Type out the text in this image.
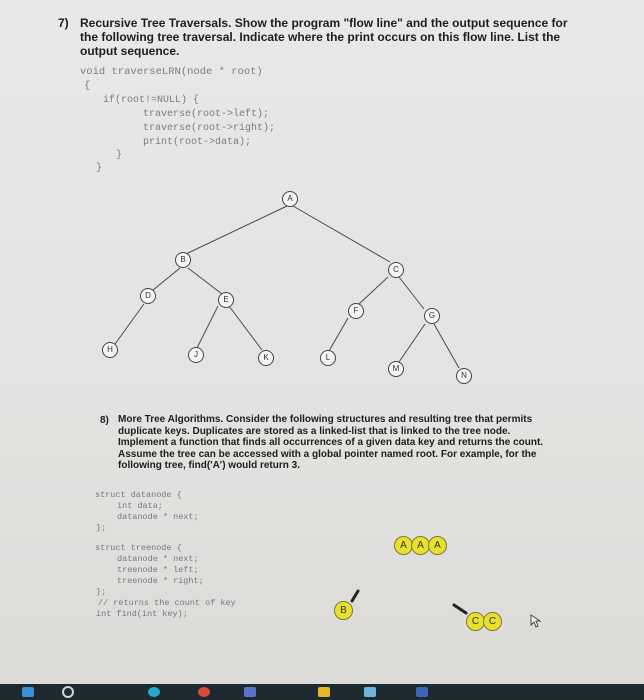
7) Recursive Tree Traversals. Show the program "flow line" and the output sequence for the following tree traversal. Indicate where the print occurs on this flow line. List the output sequence.
void traverseLRN(node * root)
{
if(root!=NULL) {
traverse(root->left);
traverse(root->right);
print(root->data);
}
}
A
B
C
D	E
F
G
H
J	K	L
M
N
8) More Tree Algorithms. Consider the following structures and resulting tree that permits duplicate keys. Duplicates are stored as a linked-list that is linked to the tree node. Implement a function that finds all occurrences of a given data key and returns the count. Assume the tree can be accessed with a global pointer named root. For example, for the following tree, find('A') would return 3.
struct datanode {
int data;
datanode * next;
};
struct treenode {
datanode * next;
treenode * left;
treenode * right;
};
// returns the count of key
int find(int key);
A	A	A
B
C C
